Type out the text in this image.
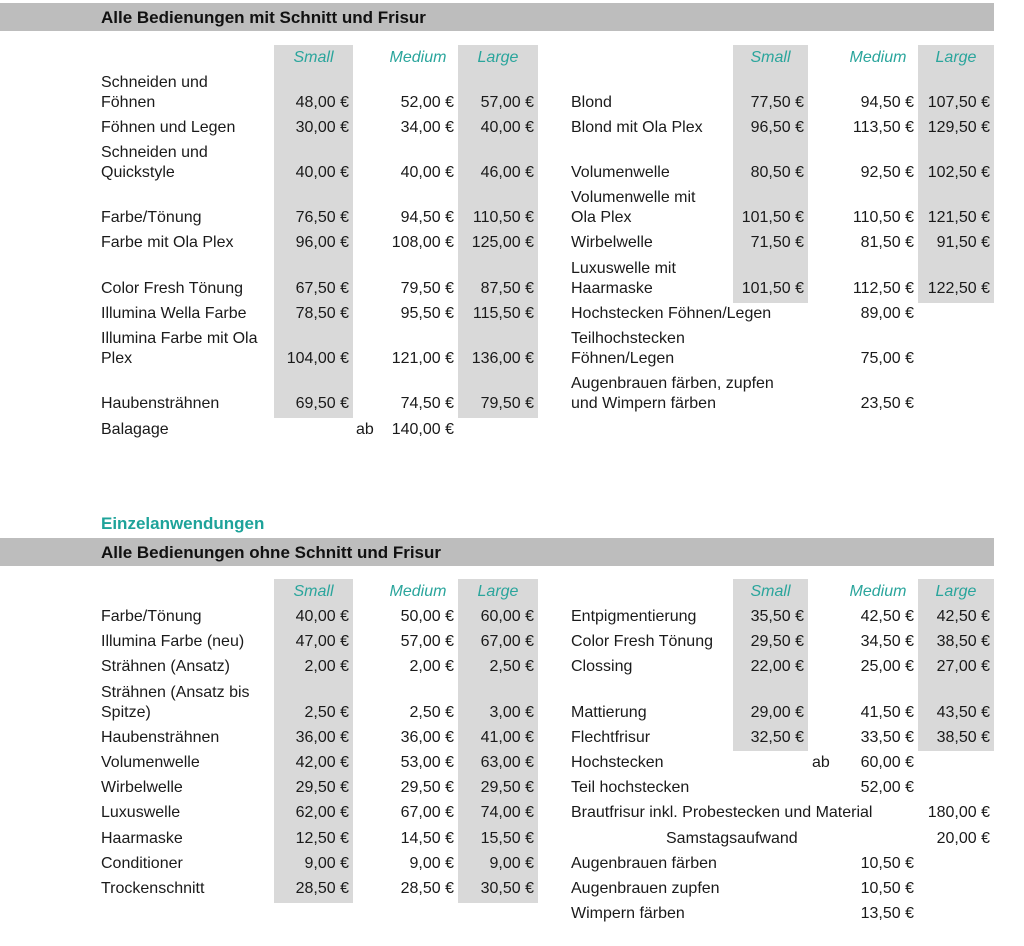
Alle Bedienungen mit Schnitt und Frisur
Small	Medium	Large	Small	Medium	Large
Schneiden und
Föhnen	48,00 €	52,00 €	57,00 €
Föhnen und Legen	30,00 €	34,00 €	40,00 €
Schneiden und
Quickstyle	40,00 €	40,00 €	46,00 €
Farbe/Tönung	76,50 €	94,50 €	110,50 €
Farbe mit Ola Plex	96,00 €	108,00 €	125,00 €
Color Fresh Tönung	67,50 €	79,50 €	87,50 €
Illumina Wella Farbe	78,50 €	95,50 €	115,50 €
Illumina Farbe mit Ola
Plex	104,00 €	121,00 €	136,00 €
Haubensträhnen	69,50 €	74,50 €	79,50 €
Balagage	ab	140,00 €
Blond	77,50 €	94,50 € 107,50 €
Blond mit Ola Plex	96,50 €	113,50 € 129,50 €
Volumenwelle	80,50 €	92,50 € 102,50 €
Volumenwelle mit
Ola Plex	101,50 €	110,50 € 121,50 €
Wirbelwelle	71,50 €	81,50 €	91,50 €
Luxuswelle mit
Haarmaske	101,50 €	112,50 € 122,50 €
Hochstecken Föhnen/Legen	89,00 €
Teilhochstecken
Föhnen/Legen	75,00 €
Augenbrauen färben, zupfen
und Wimpern färben	23,50 €
Einzelanwendungen
Alle Bedienungen ohne Schnitt und Frisur
Small	Medium	Large	Small	Medium	Large
Farbe/Tönung	40,00 €	50,00 €	60,00 €
Illumina Farbe (neu)	47,00 €	57,00 €	67,00 €
Strähnen (Ansatz)	2,00 €	2,00 €	2,50 €
Strähnen (Ansatz bis
Spitze)	2,50 €	2,50 €	3,00 €
Haubensträhnen	36,00 €	36,00 €	41,00 €
Volumenwelle	42,00 €	53,00 €	63,00 €
Wirbelwelle	29,50 €	29,50 €	29,50 €
Luxuswelle	62,00 €	67,00 €	74,00 €
Haarmaske	12,50 €	14,50 €	15,50 €
Conditioner	9,00 €	9,00 €	9,00 €
Trockenschnitt	28,50 €	28,50 €	30,50 €
Entpigmentierung	35,50 €	42,50 €	42,50 €
Color Fresh Tönung	29,50 €	34,50 €	38,50 €
Clossing	22,00 €	25,00 €	27,00 €
Mattierung	29,00 €	41,50 €	43,50 €
Flechtfrisur	32,50 €	33,50 €	38,50 €
Hochstecken	ab	60,00 €
Teil hochstecken	52,00 €
Brautfrisur inkl. Probestecken und Material	180,00 €
Samstagsaufwand	20,00 €
Augenbrauen färben	10,50 €
Augenbrauen zupfen	10,50 €
Wimpern färben	13,50 €
